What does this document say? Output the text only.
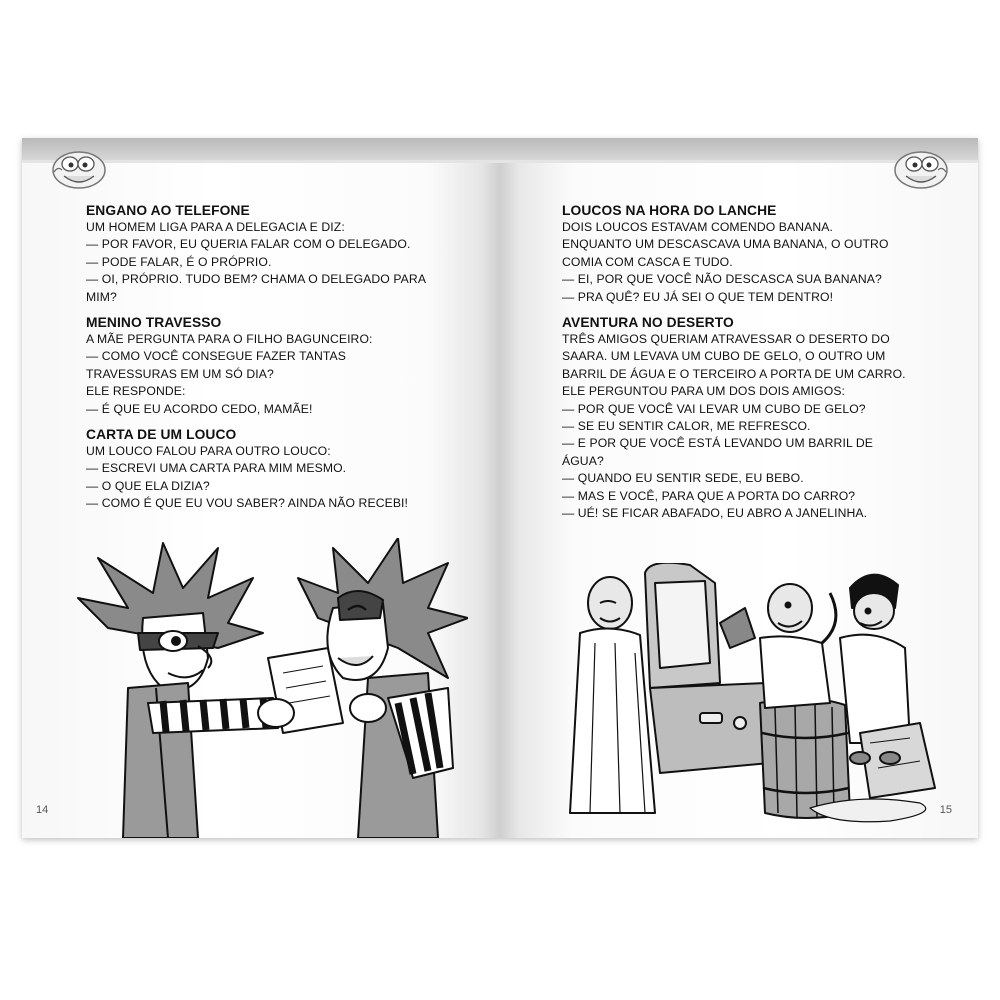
ENGANO AO TELEFONE

UM HOMEM LIGA PARA A DELEGACIA E DIZ:

— POR FAVOR, EU QUERIA FALAR COM O DELEGADO.

— PODE FALAR, É O PRÓPRIO.

— OI, PRÓPRIO. TUDO BEM? CHAMA O DELEGADO PARA

MIM?

MENINO TRAVESSO

A MÃE PERGUNTA PARA O FILHO BAGUNCEIRO:

— COMO VOCÊ CONSEGUE FAZER TANTAS

TRAVESSURAS EM UM SÓ DIA?

ELE RESPONDE:

— É QUE EU ACORDO CEDO, MAMÃE!

CARTA DE UM LOUCO

UM LOUCO FALOU PARA OUTRO LOUCO:

— ESCREVI UMA CARTA PARA MIM MESMO.

— O QUE ELA DIZIA?

— COMO É QUE EU VOU SABER? AINDA NÃO RECEBI!

14
LOUCOS NA HORA DO LANCHE

DOIS LOUCOS ESTAVAM COMENDO BANANA.

ENQUANTO UM DESCASCAVA UMA BANANA, O OUTRO

COMIA COM CASCA E TUDO.

— EI, POR QUE VOCÊ NÃO DESCASCA SUA BANANA?

— PRA QUÊ? EU JÁ SEI O QUE TEM DENTRO!

AVENTURA NO DESERTO

TRÊS AMIGOS QUERIAM ATRAVESSAR O DESERTO DO

SAARA. UM LEVAVA UM CUBO DE GELO, O OUTRO UM

BARRIL DE ÁGUA E O TERCEIRO A PORTA DE UM CARRO.

ELE PERGUNTOU PARA UM DOS DOIS AMIGOS:

— POR QUE VOCÊ VAI LEVAR UM CUBO DE GELO?

— SE EU SENTIR CALOR, ME REFRESCO.

— E POR QUE VOCÊ ESTÁ LEVANDO UM BARRIL DE

ÁGUA?

— QUANDO EU SENTIR SEDE, EU BEBO.

— MAS E VOCÊ, PARA QUE A PORTA DO CARRO?

— UÉ! SE FICAR ABAFADO, EU ABRO A JANELINHA.

15
